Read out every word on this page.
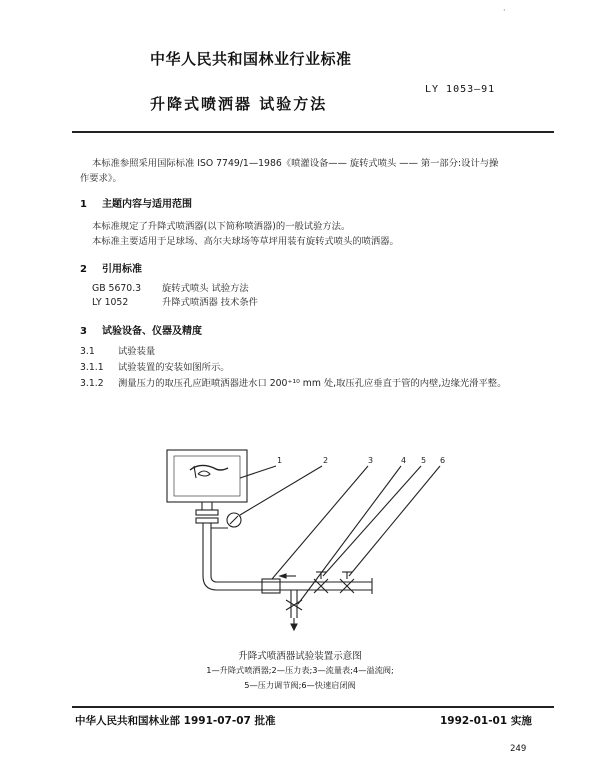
·
中华人民共和国林业行业标准
LY 1053—91
升降式喷洒器 试验方法
本标准参照采用国际标准 ISO 7749/1—1986《喷灌设备—— 旋转式喷头 —— 第一部分:设计与操
作要求》。
1 主题内容与适用范围
本标准规定了升降式喷洒器(以下简称喷洒器)的一般试验方法。
本标准主要适用于足球场、高尔夫球场等草坪用装有旋转式喷头的喷洒器。
2 引用标准
GB 5670.3 旋转式喷头 试验方法
LY 1052	升降式喷洒器 技术条件
3 试验设备、仪器及精度
3.1 试验装量
3.1.1 试验装置的安装如图所示。
3.1.2 测量压力的取压孔应距喷洒器进水口 200⁺¹⁰ mm 处,取压孔应垂直于管的内壁,边缘光滑平整。
1	2	3	4 5 6
升降式喷洒器试验装置示意图
1—升降式喷洒器;2—压力表;3—流量表;4—溢流阀;
5—压力调节阀;6—快速启闭阀
中华人民共和国林业部 1991-07-07 批准	1992-01-01 实施
249
